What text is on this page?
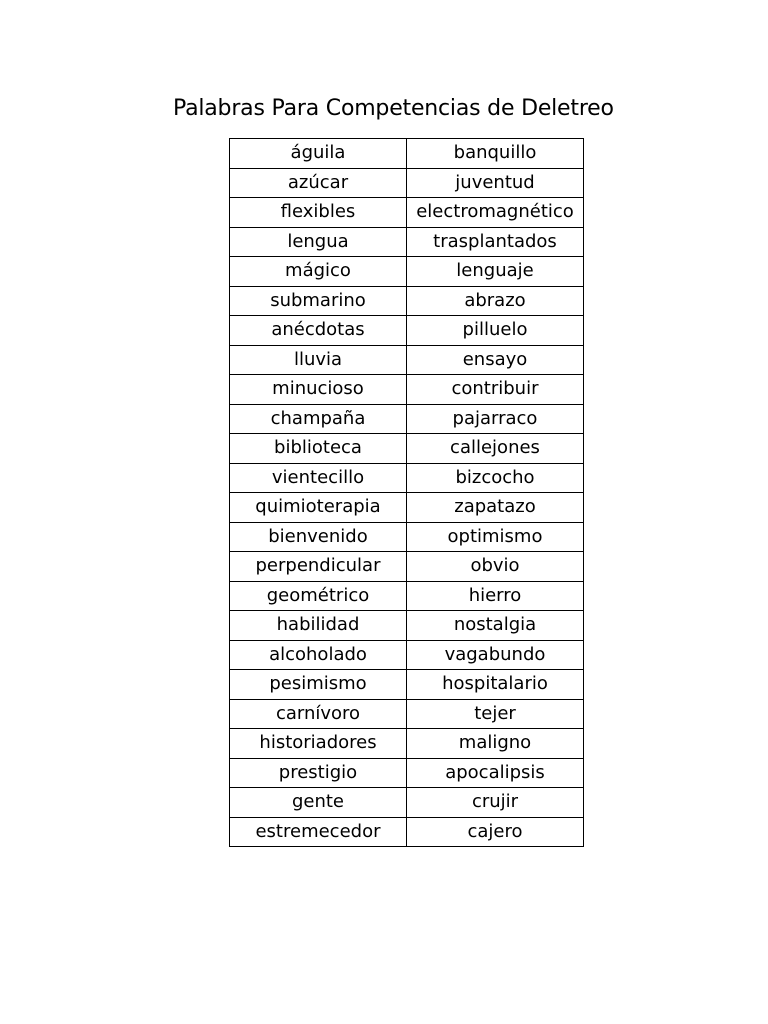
Palabras Para Competencias de Deletreo
águila	banquillo
azúcar	juventud
flexibles	electromagnético
lengua	trasplantados
mágico	lenguaje
submarino	abrazo
anécdotas	pilluelo
lluvia	ensayo
minucioso	contribuir
champaña	pajarraco
biblioteca	callejones
vientecillo	bizcocho
quimioterapia	zapatazo
bienvenido	optimismo
perpendicular	obvio
geométrico	hierro
habilidad	nostalgia
alcoholado	vagabundo
pesimismo	hospitalario
carnívoro	tejer
historiadores	maligno
prestigio	apocalipsis
gente	crujir
estremecedor	cajero
